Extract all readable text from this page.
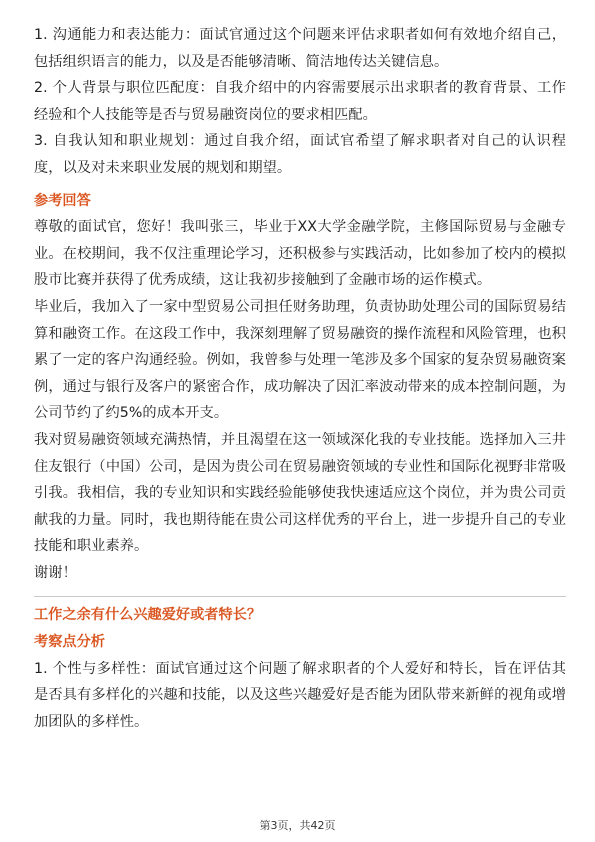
1. 沟通能力和表达能力：面试官通过这个问题来评估求职者如何有效地介绍自己，包括组织语言的能力，以及是否能够清晰、简洁地传达关键信息。

2. 个人背景与职位匹配度：自我介绍中的内容需要展示出求职者的教育背景、工作经验和个人技能等是否与贸易融资岗位的要求相匹配。

3. 自我认知和职业规划：通过自我介绍，面试官希望了解求职者对自己的认识程度，以及对未来职业发展的规划和期望。

参考回答

尊敬的面试官，您好！我叫张三，毕业于XX大学金融学院，主修国际贸易与金融专业。在校期间，我不仅注重理论学习，还积极参与实践活动，比如参加了校内的模拟股市比赛并获得了优秀成绩，这让我初步接触到了金融市场的运作模式。

毕业后，我加入了一家中型贸易公司担任财务助理，负责协助处理公司的国际贸易结算和融资工作。在这段工作中，我深刻理解了贸易融资的操作流程和风险管理，也积累了一定的客户沟通经验。例如，我曾参与处理一笔涉及多个国家的复杂贸易融资案例，通过与银行及客户的紧密合作，成功解决了因汇率波动带来的成本控制问题，为公司节约了约5%的成本开支。

我对贸易融资领域充满热情，并且渴望在这一领域深化我的专业技能。选择加入三井住友银行（中国）公司，是因为贵公司在贸易融资领域的专业性和国际化视野非常吸引我。我相信，我的专业知识和实践经验能够使我快速适应这个岗位，并为贵公司贡献我的力量。同时，我也期待能在贵公司这样优秀的平台上，进一步提升自己的专业技能和职业素养。

谢谢！

工作之余有什么兴趣爱好或者特长？
考察点分析

1. 个性与多样性：面试官通过这个问题了解求职者的个人爱好和特长，旨在评估其是否具有多样化的兴趣和技能，以及这些兴趣爱好是否能为团队带来新鲜的视角或增加团队的多样性。

第3页，共42页
